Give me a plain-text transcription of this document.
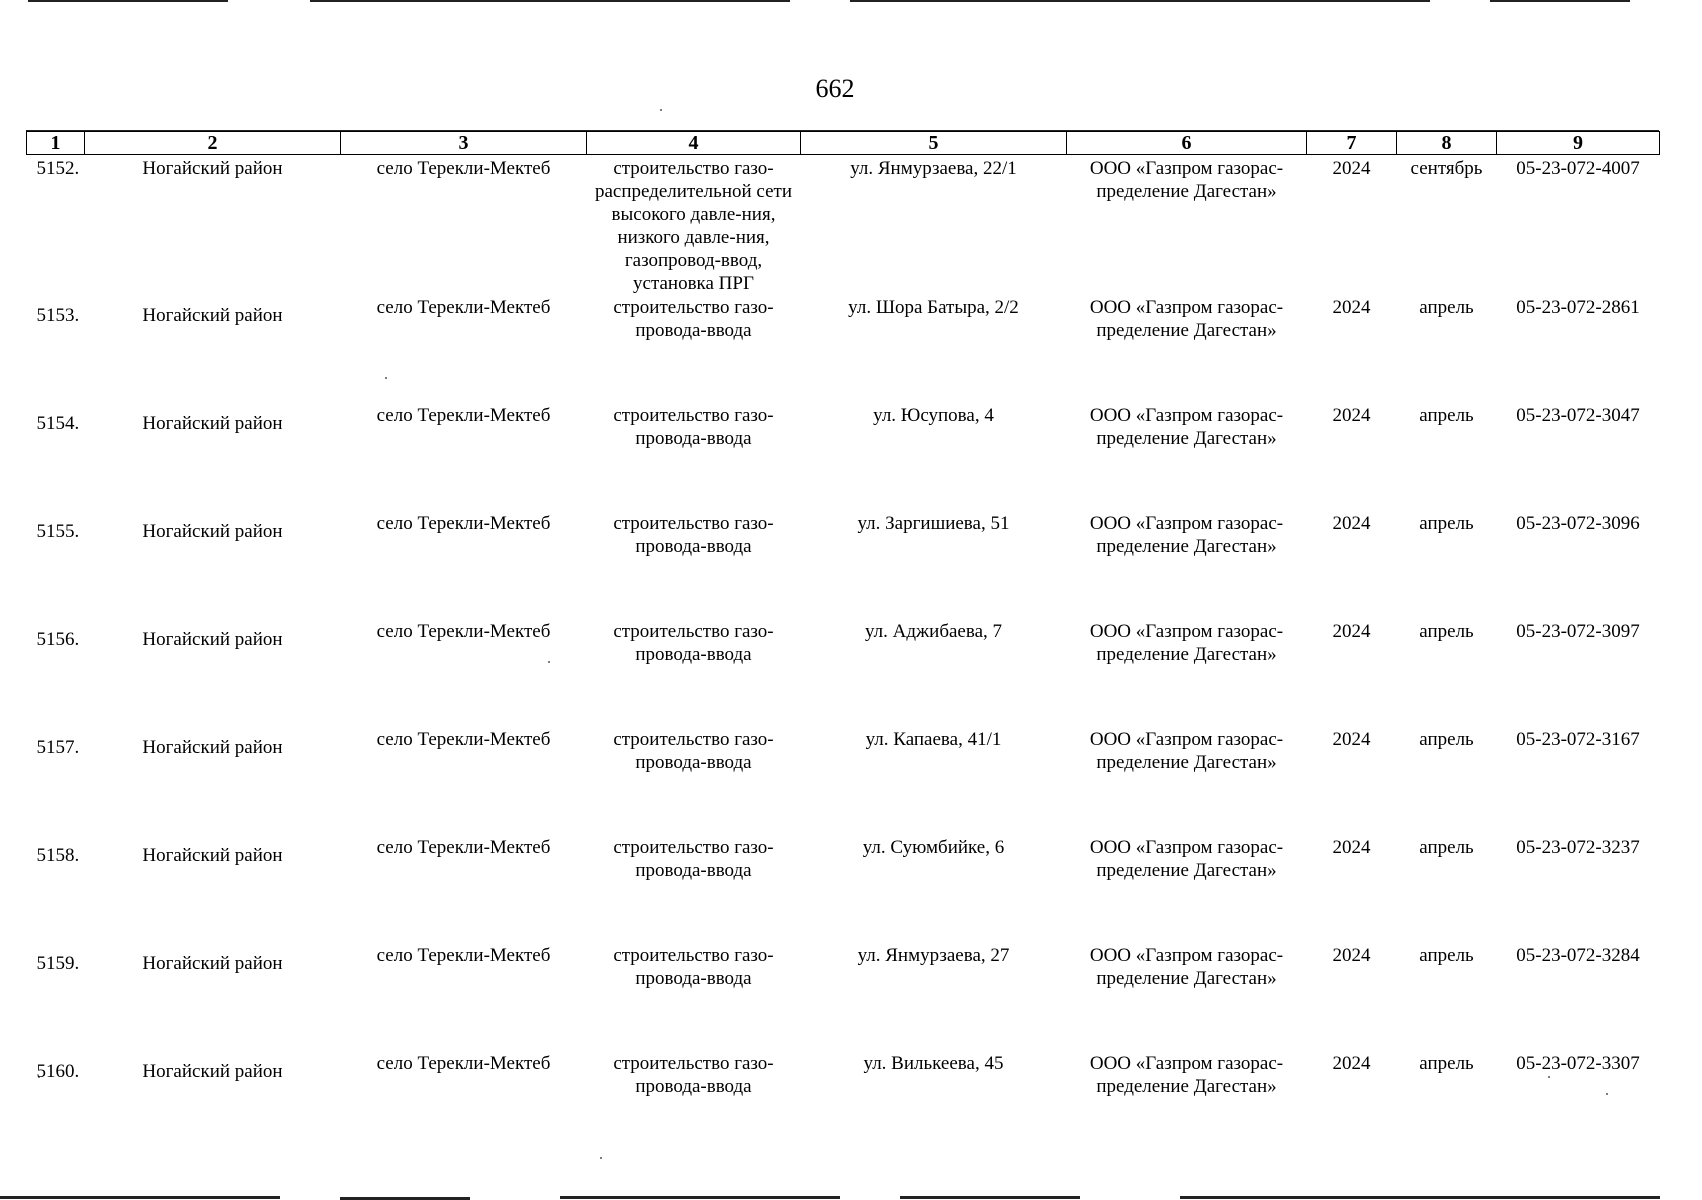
662
1	2	3	4	5	6	7	8	9
5152.	Ногайский район	село Терекли-Мектеб	строительство газо-распределительной сети высокого давле-ния, низкого давле-ния, газопровод-ввод, установка ПРГ	ул. Янмурзаева, 22/1	ООО «Газпром газорас-пределение Дагестан»	2024	сентябрь	05-23-072-4007
5153.	Ногайский район	село Терекли-Мектеб	строительство газо-провода-ввода	ул. Шора Батыра, 2/2	ООО «Газпром газорас-пределение Дагестан»	2024	апрель	05-23-072-2861
5154.	Ногайский район	село Терекли-Мектеб	строительство газо-провода-ввода	ул. Юсупова, 4	ООО «Газпром газорас-пределение Дагестан»	2024	апрель	05-23-072-3047
5155.	Ногайский район	село Терекли-Мектеб	строительство газо-провода-ввода	ул. Заргишиева, 51	ООО «Газпром газорас-пределение Дагестан»	2024	апрель	05-23-072-3096
5156.	Ногайский район	село Терекли-Мектеб	строительство газо-провода-ввода	ул. Аджибаева, 7	ООО «Газпром газорас-пределение Дагестан»	2024	апрель	05-23-072-3097
5157.	Ногайский район	село Терекли-Мектеб	строительство газо-провода-ввода	ул. Капаева, 41/1	ООО «Газпром газорас-пределение Дагестан»	2024	апрель	05-23-072-3167
5158.	Ногайский район	село Терекли-Мектеб	строительство газо-провода-ввода	ул. Суюмбийке, 6	ООО «Газпром газорас-пределение Дагестан»	2024	апрель	05-23-072-3237
5159.	Ногайский район	село Терекли-Мектеб	строительство газо-провода-ввода	ул. Янмурзаева, 27	ООО «Газпром газорас-пределение Дагестан»	2024	апрель	05-23-072-3284
5160.	Ногайский район	село Терекли-Мектеб	строительство газо-провода-ввода	ул. Вилькеева, 45	ООО «Газпром газорас-пределение Дагестан»	2024	апрель	05-23-072-3307
